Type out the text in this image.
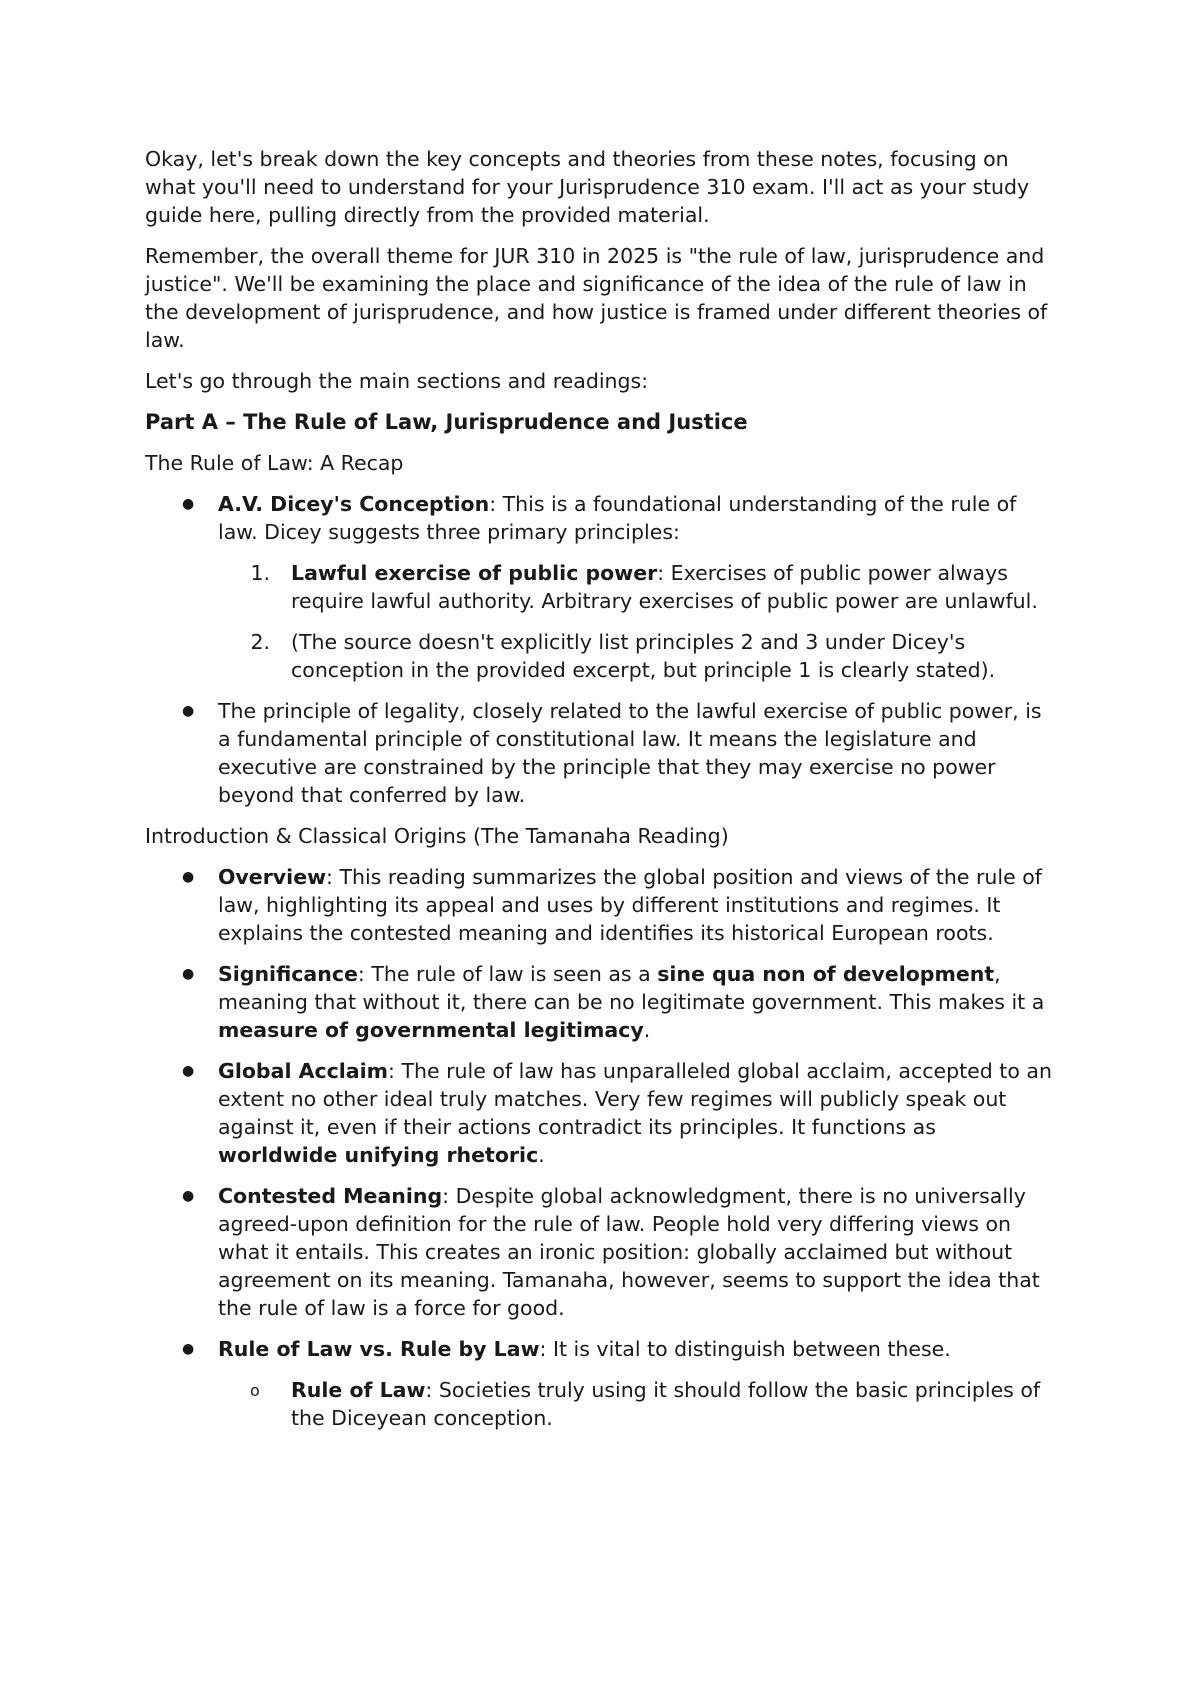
Okay, let's break down the key concepts and theories from these notes, focusing on what you'll need to understand for your Jurisprudence 310 exam. I'll act as your study guide here, pulling directly from the provided material.

Remember, the overall theme for JUR 310 in 2025 is "the rule of law, jurisprudence and justice". We'll be examining the place and significance of the idea of the rule of law in the development of jurisprudence, and how justice is framed under different theories of law.

Let's go through the main sections and readings:

Part A – The Rule of Law, Jurisprudence and Justice

The Rule of Law: A Recap

● A.V. Dicey's Conception: This is a foundational understanding of the rule of law. Dicey suggests three primary principles:
1.	Lawful exercise of public power: Exercises of public power always require lawful authority. Arbitrary exercises of public power are unlawful.
2.	(The source doesn't explicitly list principles 2 and 3 under Dicey's conception in the provided excerpt, but principle 1 is clearly stated).
● The principle of legality, closely related to the lawful exercise of public power, is a fundamental principle of constitutional law. It means the legislature and executive are constrained by the principle that they may exercise no power beyond that conferred by law.

Introduction & Classical Origins (The Tamanaha Reading)

● Overview: This reading summarizes the global position and views of the rule of law, highlighting its appeal and uses by different institutions and regimes. It explains the contested meaning and identifies its historical European roots.
● Significance: The rule of law is seen as a sine qua non of development, meaning that without it, there can be no legitimate government. This makes it a measure of governmental legitimacy.
● Global Acclaim: The rule of law has unparalleled global acclaim, accepted to an extent no other ideal truly matches. Very few regimes will publicly speak out against it, even if their actions contradict its principles. It functions as worldwide unifying rhetoric.
● Contested Meaning: Despite global acknowledgment, there is no universally agreed-upon definition for the rule of law. People hold very differing views on what it entails. This creates an ironic position: globally acclaimed but without agreement on its meaning. Tamanaha, however, seems to support the idea that the rule of law is a force for good.
● Rule of Law vs. Rule by Law: It is vital to distinguish between these.
o Rule of Law: Societies truly using it should follow the basic principles of the Diceyean conception.
